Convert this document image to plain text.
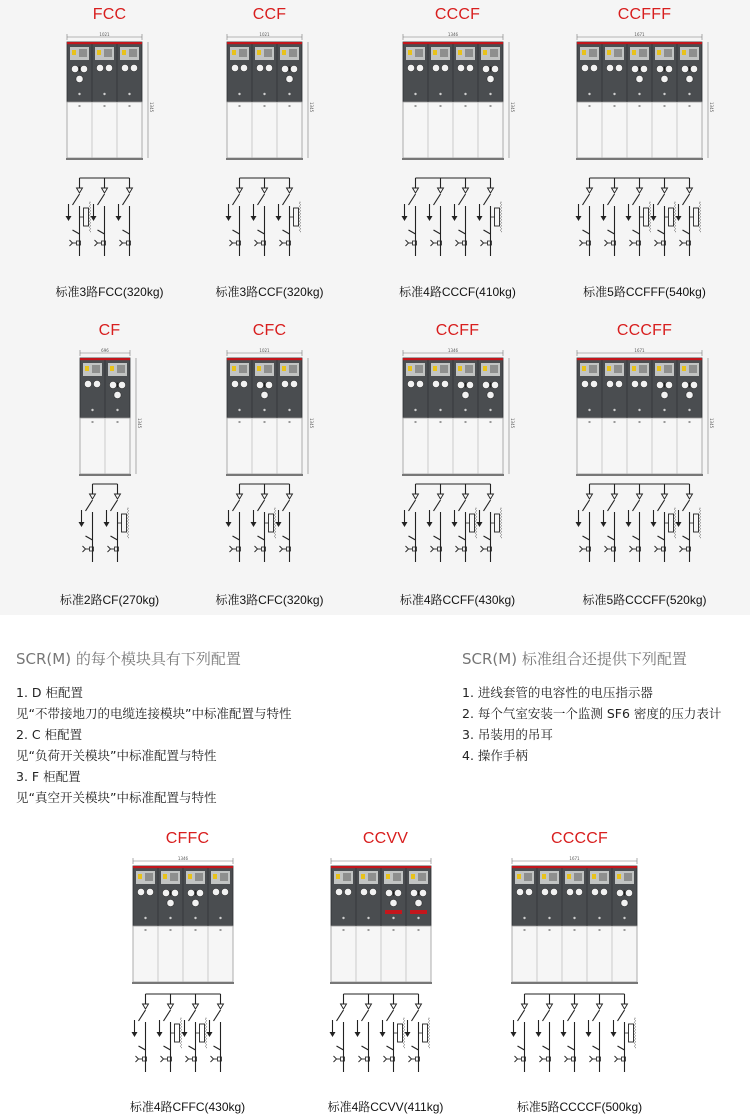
FCC
1021
1345
标准3路FCC(320kg)
CCF
1021
1345
标准3路CCF(320kg)
CCCF
1346
1345
标准4路CCCF(410kg)
CCFFF
1671
1345
标准5路CCFFF(540kg)
CF
696
1345
标准2路CF(270kg)
CFC
1021
1345
标准3路CFC(320kg)
CCFF
1346
1345
标准4路CCFF(430kg)
CCCFF
1671
1345
标准5路CCCFF(520kg)
CFFC
1346
标准4路CFFC(430kg)
CCVV
标准4路CCVV(411kg)
CCCCF
1671
标准5路CCCCF(500kg)
SCR(M) 的每个模块具有下列配置
1. D 柜配置
见“不带接地刀的电缆连接模块”中标准配置与特性
2. C 柜配置
见“负荷开关模块”中标准配置与特性
3. F 柜配置
见“真空开关模块”中标准配置与特性
SCR(M) 标准组合还提供下列配置
1. 进线套管的电容性的电压指示器
2. 每个气室安装一个监测 SF6 密度的压力表计
3. 吊装用的吊耳
4. 操作手柄
